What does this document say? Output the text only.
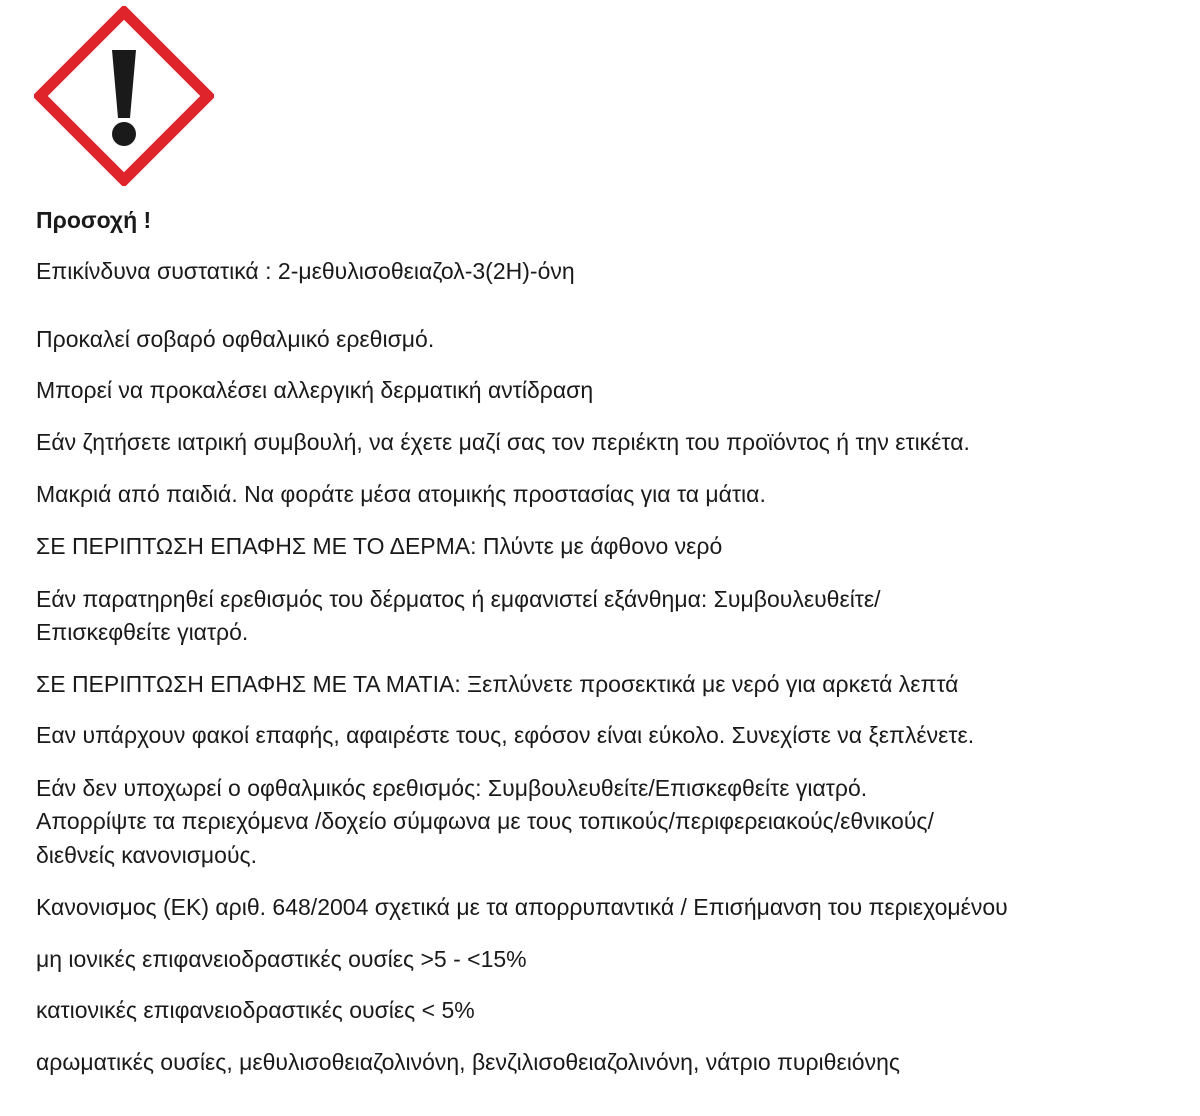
Προσοχή !

Επικίνδυνα συστατικά : 2-μεθυλισοθειαζολ-3(2H)-όνη

Προκαλεί σοβαρό οφθαλμικό ερεθισμό.

Μπορεί να προκαλέσει αλλεργική δερματική αντίδραση

Εάν ζητήσετε ιατρική συμβουλή, να έχετε μαζί σας τον περιέκτη του προϊόντος ή την ετικέτα.

Μακριά από παιδιά. Να φοράτε μέσα ατομικής προστασίας για τα μάτια.

ΣΕ ΠΕΡΙΠΤΩΣΗ ΕΠΑΦΗΣ ΜΕ ΤΟ ΔΕΡΜΑ: Πλύντε με άφθονο νερό

Εάν παρατηρηθεί ερεθισμός του δέρματος ή εμφανιστεί εξάνθημα: Συμβουλευθείτε/

Επισκεφθείτε γιατρό.

ΣΕ ΠΕΡΙΠΤΩΣΗ ΕΠΑΦΗΣ ΜΕ ΤΑ ΜΑΤΙΑ: Ξεπλύνετε προσεκτικά με νερό για αρκετά λεπτά

Εαν υπάρχουν φακοί επαφής, αφαιρέστε τους, εφόσον είναι εύκολο. Συνεχίστε να ξεπλένετε.

Εάν δεν υποχωρεί ο οφθαλμικός ερεθισμός: Συμβουλευθείτε/Επισκεφθείτε γιατρό.

Απορρίψτε τα περιεχόμενα /δοχείο σύμφωνα με τους τοπικούς/περιφερειακούς/εθνικούς/

διεθνείς κανονισμούς.

Κανονισμος (ΕΚ) αριθ. 648/2004 σχετικά με τα απορρυπαντικά / Επισήμανση του περιεχομένου

μη ιονικές επιφανειοδραστικές ουσίες >5 - <15%

κατιονικές επιφανειοδραστικές ουσίες < 5%

αρωματικές ουσίες, μεθυλισοθειαζολινόνη, βενζιλισοθειαζολινόνη, νάτριο πυριθειόνης
